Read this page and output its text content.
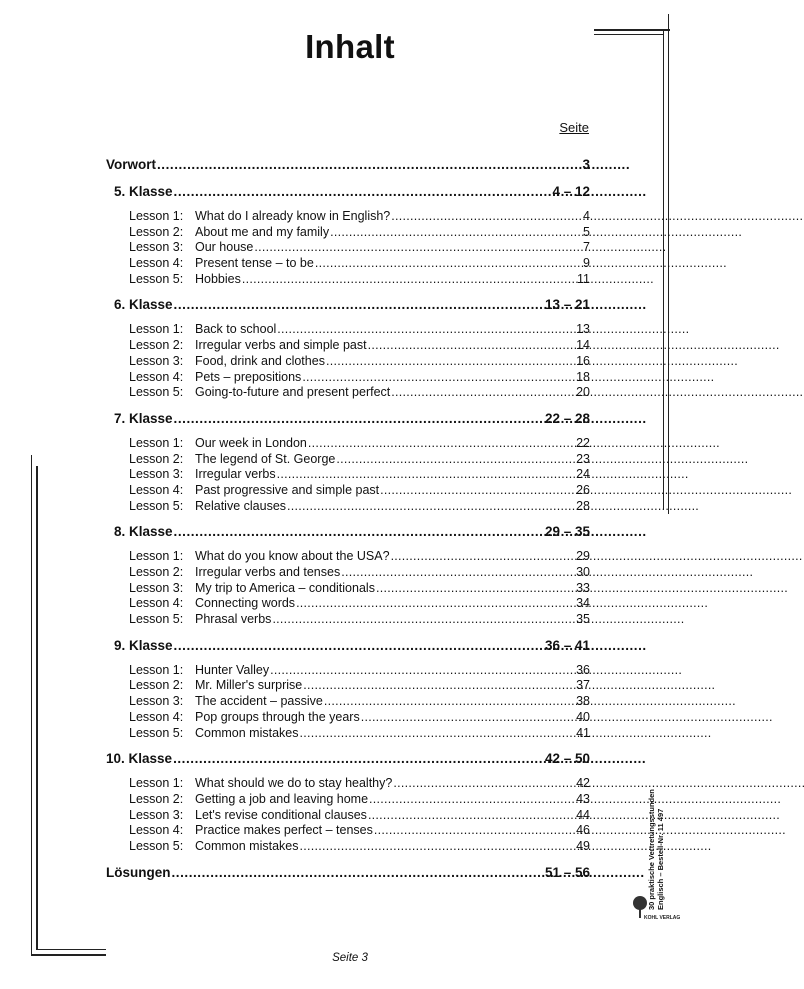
Inhalt
Seite
Vorwort . . .	3
5. Klasse . . .	4 – 12
Lesson 1: What do I already know in English? . . .	4
Lesson 2: About me and my family . . .	5
Lesson 3: Our house . . .	7
Lesson 4: Present tense – to be . . .	9
Lesson 5: Hobbies . . .	11
6. Klasse . . .	13 – 21
Lesson 1: Back to school . . .	13
Lesson 2: Irregular verbs and simple past . . .	14
Lesson 3: Food, drink and clothes . . .	16
Lesson 4: Pets – prepositions . . .	18
Lesson 5: Going-to-future and present perfect . . .	20
7. Klasse . . .	22 – 28
Lesson 1: Our week in London . . .	22
Lesson 2: The legend of St. George . . .	23
Lesson 3: Irregular verbs . . .	24
Lesson 4: Past progressive and simple past . . .	26
Lesson 5: Relative clauses . . .	28
8. Klasse . . .	29 – 35
Lesson 1: What do you know about the USA? . . .	29
Lesson 2: Irregular verbs and tenses . . .	30
Lesson 3: My trip to America – conditionals . . .	33
Lesson 4: Connecting words . . .	34
Lesson 5: Phrasal verbs . . .	35
9. Klasse . . .	36 – 41
Lesson 1: Hunter Valley . . .	36
Lesson 2: Mr. Miller's surprise . . .	37
Lesson 3: The accident – passive . . .	38
Lesson 4: Pop groups through the years . . .	40
Lesson 5: Common mistakes . . .	41
10. Klasse . . .	42 – 50
Lesson 1: What should we do to stay healthy? . . .	42
Lesson 2: Getting a job and leaving home . . .	43
Lesson 3: Let's revise conditional clauses . . .	44
Lesson 4: Practice makes perfect – tenses . . .	46
Lesson 5: Common mistakes . . .	49
Lösungen . . .	51 – 56	30 praktische Vertretungsstunden Englisch – Bestell-Nr. 11 497
KOHL VERLAG
Seite 3
